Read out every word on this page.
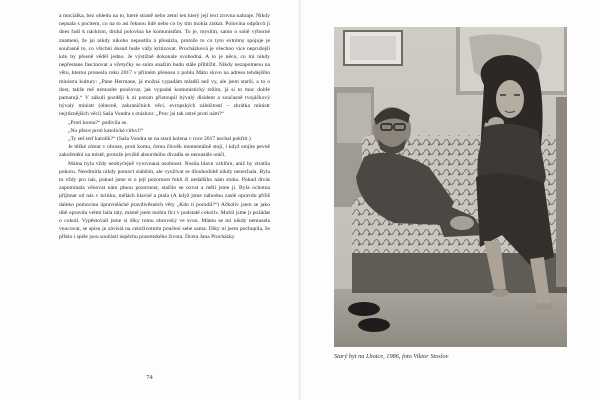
a mociálka, bez ohledu na to, které straně nebo zemi ten který její text zrovna nahraje. Nikdy nepsala s pocitem, co na to asi řeknou lidé nebo co by tím mohla získat. Polovina odpůrců ji dnes řadí k náckism, druhá polovina ke komunistům. To je, myslím, samo o sobě výborné znamení, že jsi nikdy nikoho nepustila á přesázla, protože to co tyto extrémy spojuje je současně to, co všichni dosud bude vážy kritizovat. Procházková je všechno více nepružejší kdo by přesně věděl jedno. Je výstižně dokonale svobodná. A to je něco, co mi nikdy nepřestane fascinovat a včetyčky se sním snažím budu stále přiblížit. Nikdy nezapomenu na větu, kterou pronesla roku 2017 v přímém přenosu z pohlu Mátu slovo na adresu tehdejšího ministra kultury: „Pane Hermane, já možná vypadám mladší než vy, ale jsem starší, a to o dost, takže mě nemusíte poučovat, jak vypadal komunistický režim, já si to moc dobře pamatuji.“ V zákulí později k ní potom přistoupil bývalý disident a současně tvojáčkový bývalý ministr (obecně, zahraničních věcí, evropských záležitostí – zkrátka ministr nejrůznějších věcí) Saša Vondra s otázkou: „Proc jsi tak ostré proti nám?“

„Proti komu?“ podivila se.

„No přece proti katolické církvi!“

„Ty seš teď katolík?“ (Saša Vondra se na stará kolena v roce 2017 nechal pokřtít.)

Je těžké zůstat v obraze, proti komu, čemu člověk momentálně stojí, i když stojíte pevně zakořenění na místě, protože jeviště absurdního divadla se nenustále otáčí.

Máma byla vždy neobyčejně vyrovnaná osobnost. Nosila hlavu vzhlůru, aniž by ztratila pokoru. Neodmítla nikdy pomoct slabším, ale využívat se dlouhodobě nikdy nenechala. Byla tu vždy pro nás, pokud jsme si o její pozornost řekli či nedalšího nám sluhu. Pokud dívás zapomínala věnovat nám plnou pozornost, stačilo se ozvat a měli jsme ji. Byla ochotna přijímat od nás v kritiku, mělách hlavně a ptala (A když jsme náhodou zaslé opravdu příliš daleko pomocinu úpravněáché pravdivěsnéch věty „Kdo ti porodil?“) Ačkoliv jsem se jako dítě opravdu velmi bála táty, mámě jsem mohla říct v podstatě cokoliv. Mohli jsme ji požádat o cokoli. Vypěstovali jsme si díky tomu obrovský ve svou. Mámu se mi nikdy nemusela vnucovat, se spisu je závislá na celoživotním poučení sebe sama. Díky ní jsem pochopila, že příklo i spíše jsou součástí úspěchu pozemského života. Dcera Jana Procházky

74
Starý byt na Lhotce, 1986, foto Viktor Stoslov
